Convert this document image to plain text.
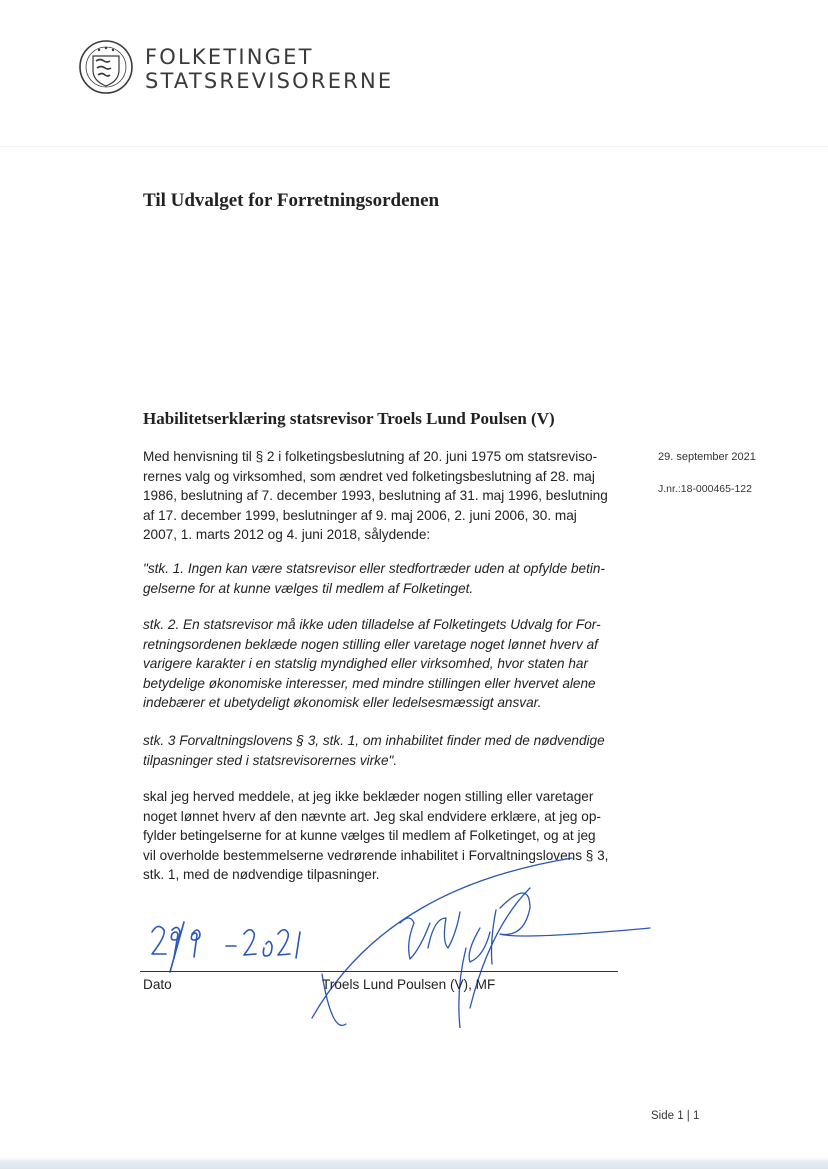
FOLKETINGET
STATSREVISORERNE
Til Udvalget for Forretningsordenen
Habilitetserklæring statsrevisor Troels Lund Poulsen (V)
29. september 2021
J.nr.:18-000465-122
Med henvisning til § 2 i folketingsbeslutning af 20. juni 1975 om statsreviso-
rernes valg og virksomhed, som ændret ved folketingsbeslutning af 28. maj
1986, beslutning af 7. december 1993, beslutning af 31. maj 1996, beslutning
af 17. december 1999, beslutninger af 9. maj 2006, 2. juni 2006, 30. maj
2007, 1. marts 2012 og 4. juni 2018, sålydende:
"stk. 1. Ingen kan være statsrevisor eller stedfortræder uden at opfylde betin-
gelserne for at kunne vælges til medlem af Folketinget.
stk. 2. En statsrevisor må ikke uden tilladelse af Folketingets Udvalg for For-
retningsordenen beklæde nogen stilling eller varetage noget lønnet hverv af
varigere karakter i en statslig myndighed eller virksomhed, hvor staten har
betydelige økonomiske interesser, med mindre stillingen eller hvervet alene
indebærer et ubetydeligt økonomisk eller ledelsesmæssigt ansvar.
stk. 3 Forvaltningslovens § 3, stk. 1, om inhabilitet finder med de nødvendige
tilpasninger sted i statsrevisorernes virke".
skal jeg herved meddele, at jeg ikke beklæder nogen stilling eller varetager
noget lønnet hverv af den nævnte art. Jeg skal endvidere erklære, at jeg op-
fylder betingelserne for at kunne vælges til medlem af Folketinget, og at jeg
vil overholde bestemmelserne vedrørende inhabilitet i Forvaltningslovens § 3,
stk. 1, med de nødvendige tilpasninger.
Dato	Troels Lund Poulsen (V), MF
Side 1 | 1
